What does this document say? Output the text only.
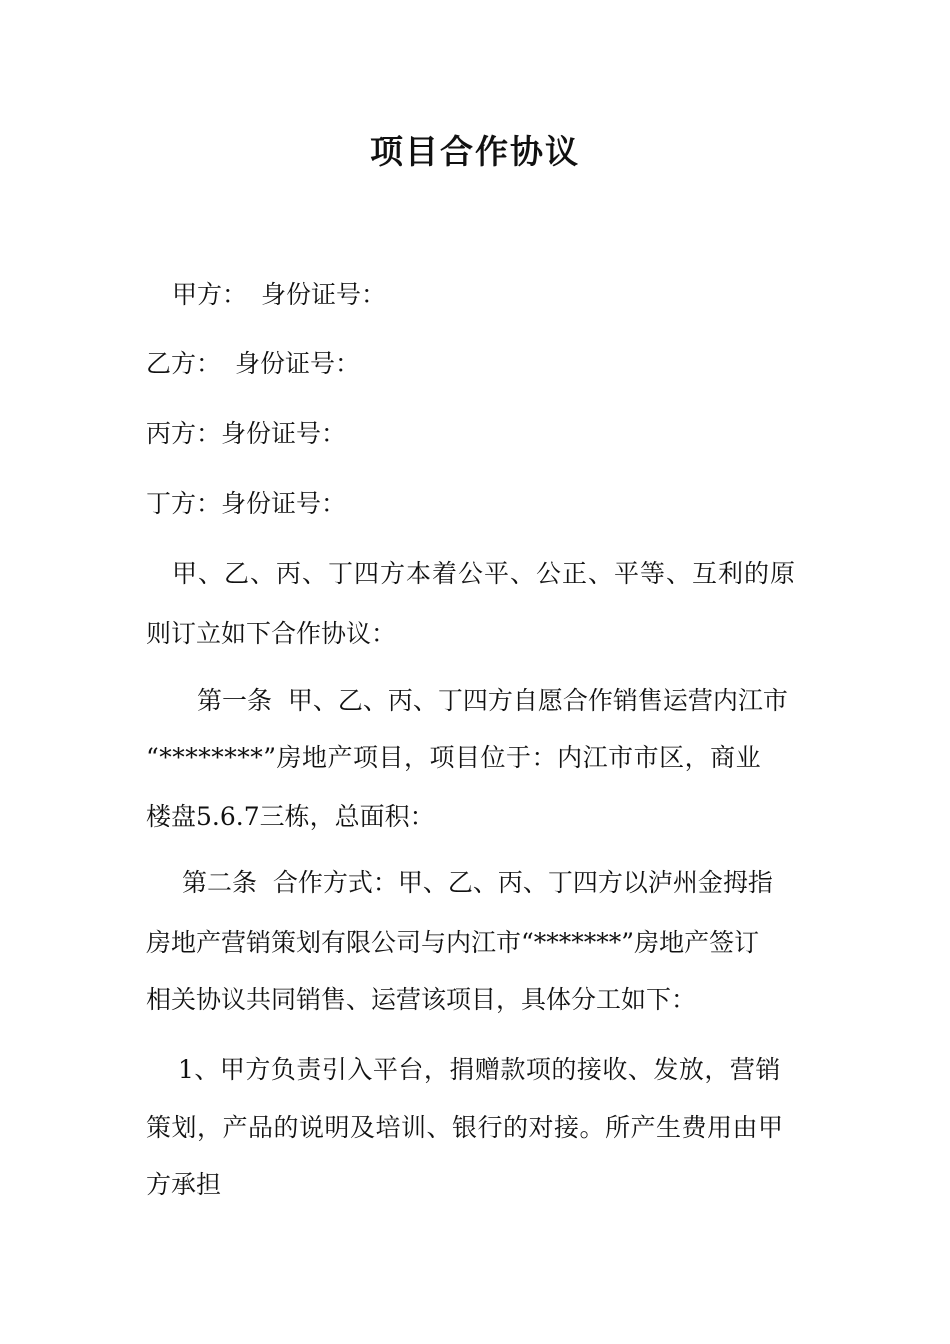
项目合作协议
甲方： 身份证号：
乙方： 身份证号：
丙方：身份证号：
丁方：身份证号：
甲、乙、丙、丁四方本着公平、公正、平等、互利的原
则订立如下合作协议：
第一条  甲、乙、丙、丁四方自愿合作销售运营内江市
“********”房地产项目，项目位于：内江市市区，商业
楼盘5.6.7三栋，总面积：
第二条  合作方式：甲、乙、丙、丁四方以泸州金拇指
房地产营销策划有限公司与内江市“*******”房地产签订
相关协议共同销售、运营该项目，具体分工如下：
1、甲方负责引入平台，捐赠款项的接收、发放，营销
策划，产品的说明及培训、银行的对接。所产生费用由甲
方承担
